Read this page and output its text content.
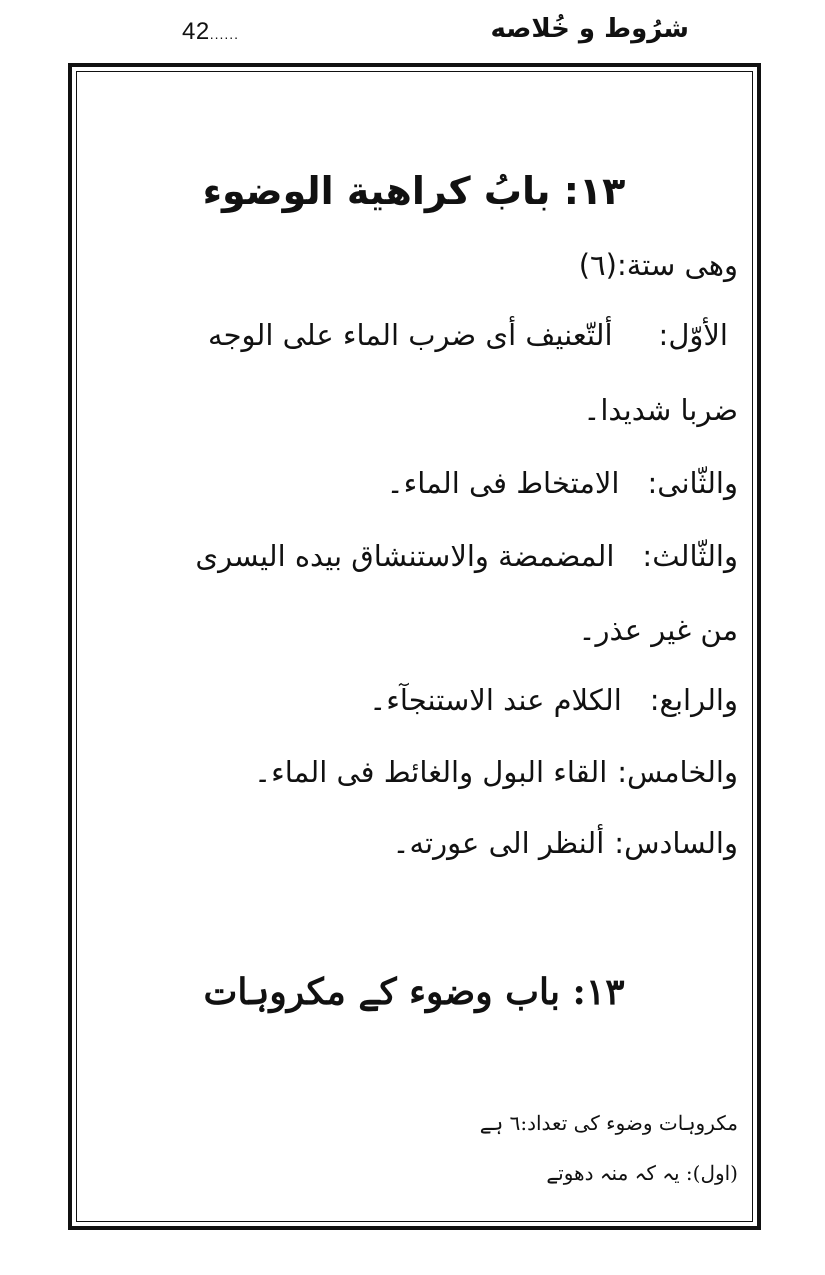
42......	شرُوط و خُلاصه
١٣: بابُ كراهية الوضوء
وهى ستة:(٦)
الأوّل:ألتّعنيف أى ضرب الماء على الوجه
ضربا شديدا۔
والثّانى:الامتخاط فى الماء۔
والثّالث:المضمضة والاستنشاق بيده اليسرى
من غير عذر۔
والرابع:الكلام عند الاستنجآء۔
والخامس:القاء البول والغائط فى الماء۔
والسادس:ألنظر الى عورته۔
١٣: باب وضوء کے مکروہات
مکروہات وضوء کی تعداد:٦ ہے
(اول): یہ کہ منہ دھوتے
